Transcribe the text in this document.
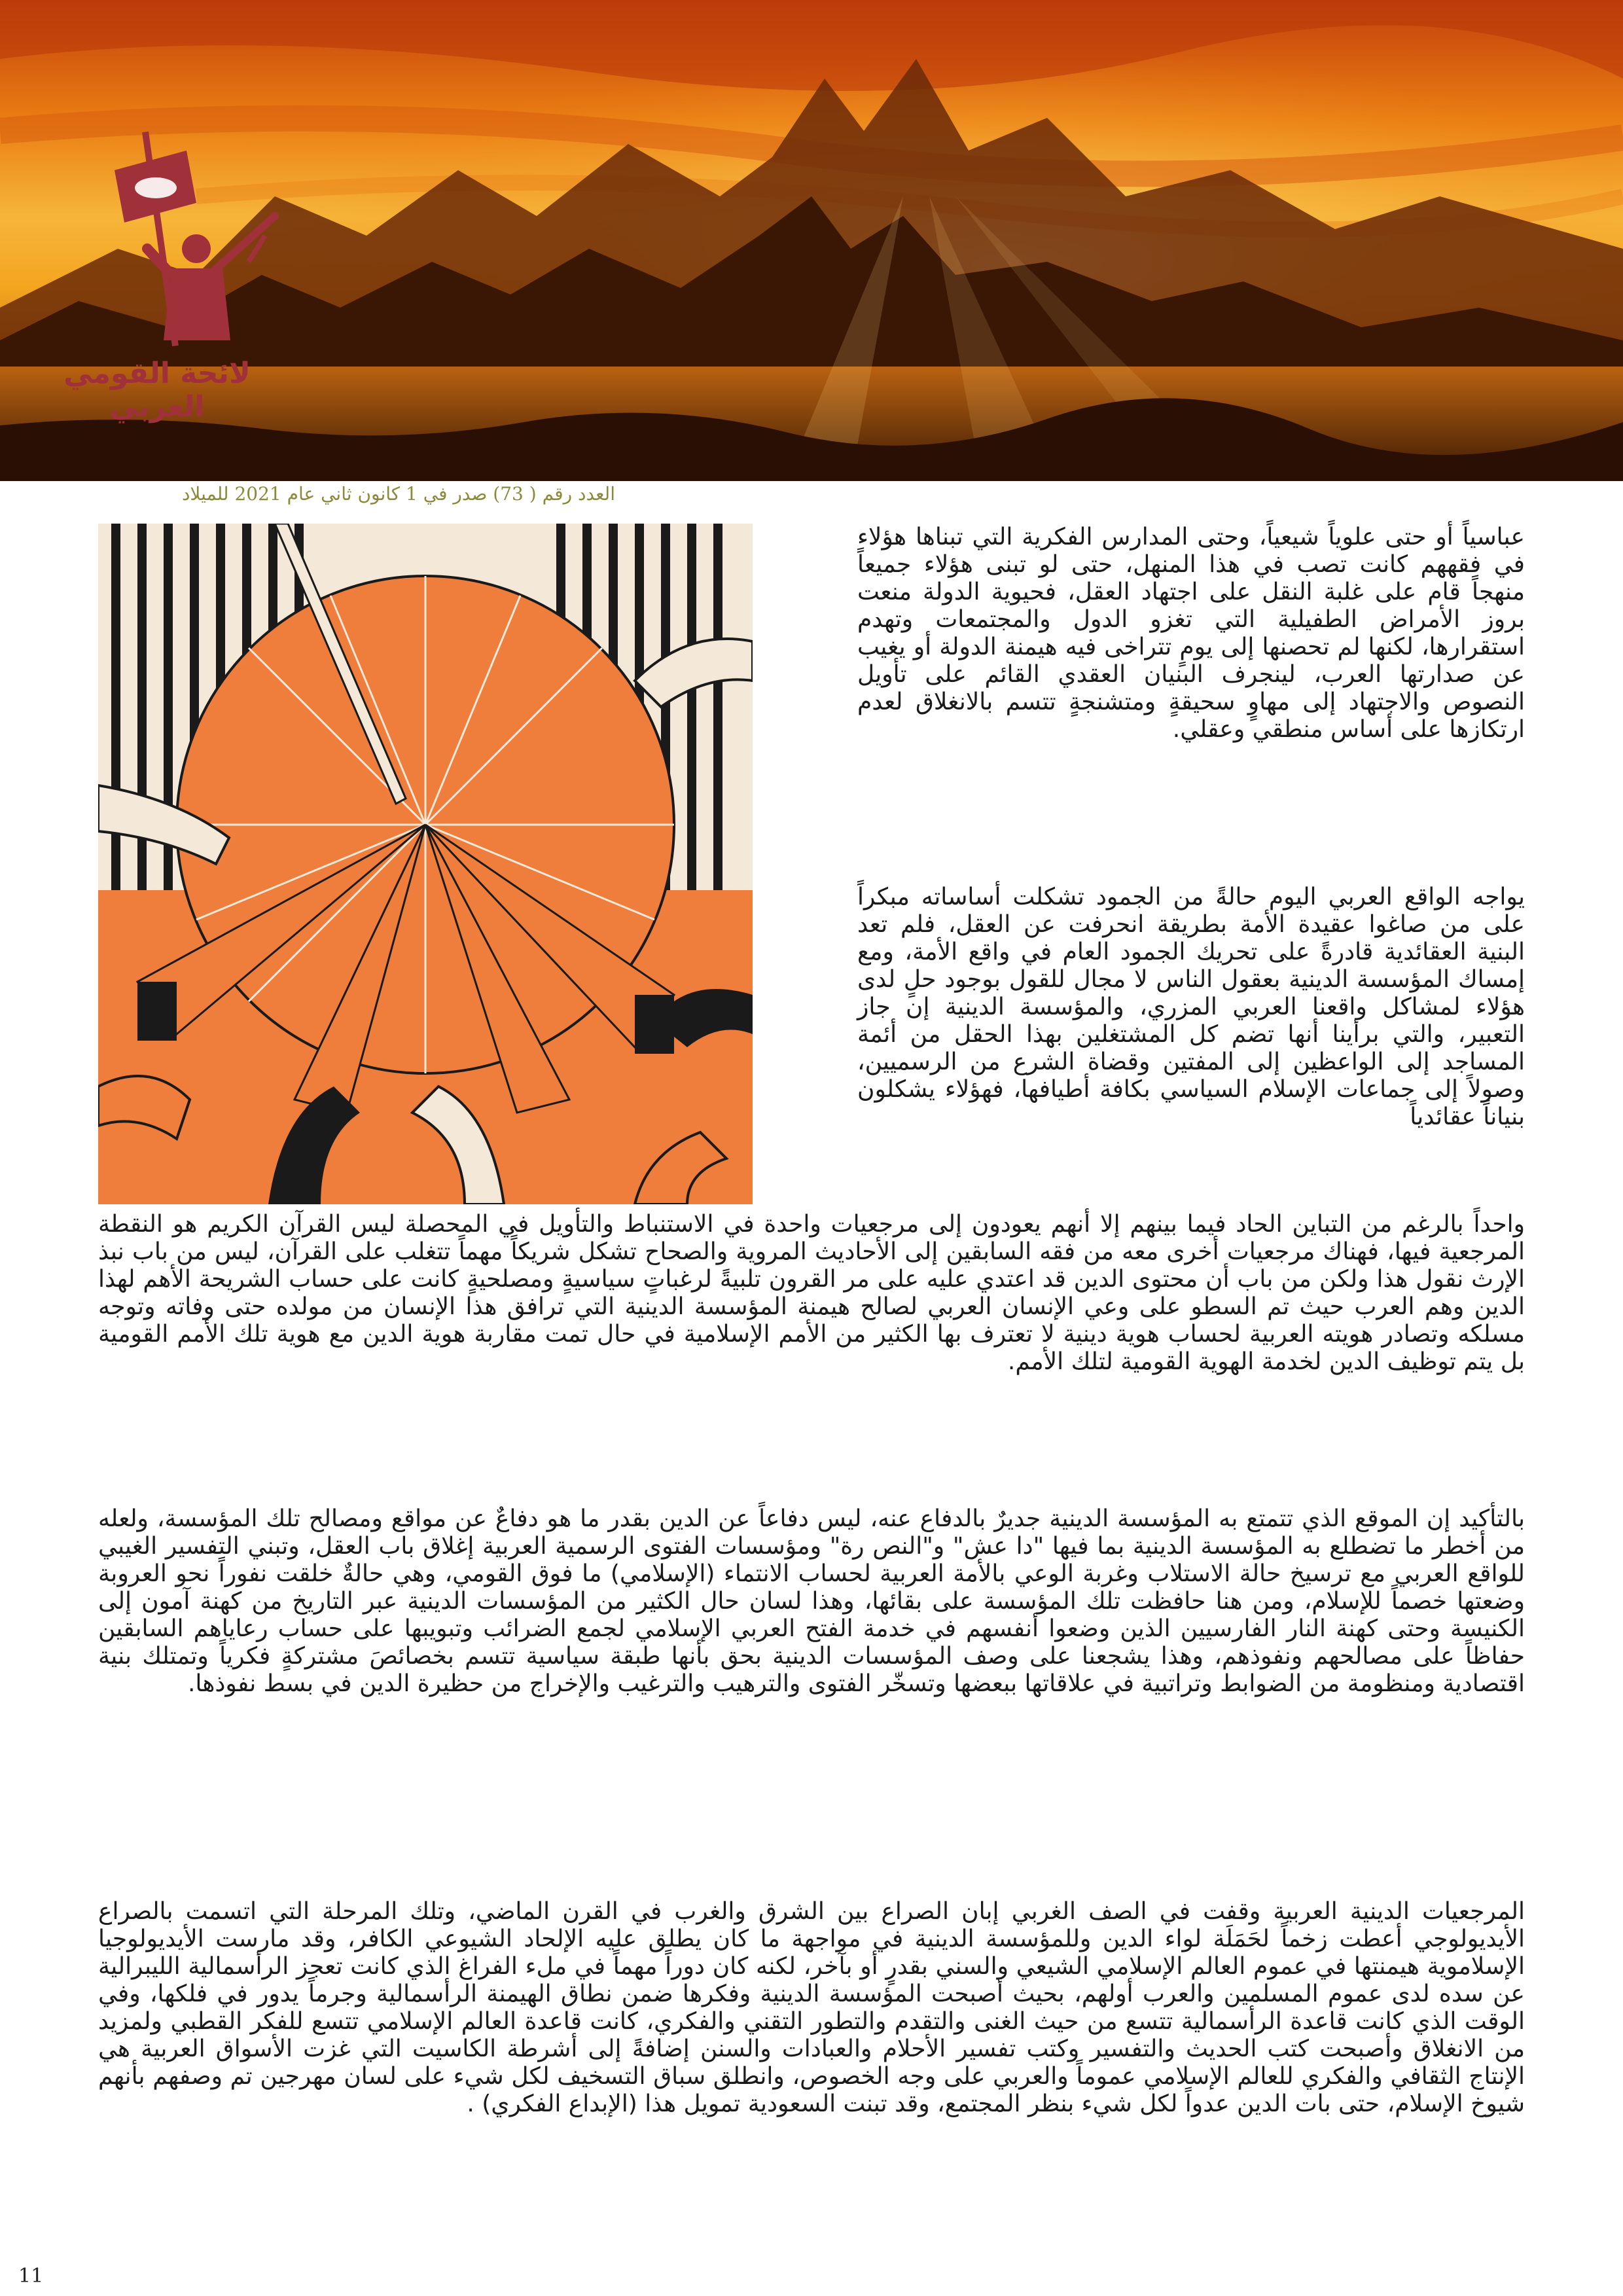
لائحة القومي العربي
العدد رقم ( 73) صدر في 1 كانون ثاني عام 2021 للميلاد

عباسياً أو حتى علوياً شيعياً، وحتى المدارس الفكرية التي تبناها هؤلاء في فقههم كانت تصب في هذا المنهل، حتى لو تبنى هؤلاء جميعاً منهجاً قام على غلبة النقل على اجتهاد العقل، فحيوية الدولة منعت بروز الأمراض الطفيلية التي تغزو الدول والمجتمعات وتهدم استقرارها، لكنها لم تحصنها إلى يومٍ تتراخى فيه هيمنة الدولة أو يغيب عن صدارتها العرب، لينجرف البنيان العقدي القائم على تأويل النصوص والاجتهاد إلى مهاوٍ سحيقةٍ ومتشنجةٍ تتسم بالانغلاق لعدم ارتكازها على أساس منطقي وعقلي.

يواجه الواقع العربي اليوم حالةً من الجمود تشكلت أساساته مبكراً على من صاغوا عقيدة الأمة بطريقة انحرفت عن العقل، فلم تعد البنية العقائدية قادرةً على تحريك الجمود العام في واقع الأمة، ومع إمساك المؤسسة الدينية بعقول الناس لا مجال للقول بوجود حلٍ لدى هؤلاء لمشاكل واقعنا العربي المزري، والمؤسسة الدينية إن جاز التعبير، والتي برأينا أنها تضم كل المشتغلين بهذا الحقل من أئمة المساجد إلى الواعظين إلى المفتين وقضاة الشرع من الرسميين، وصولاً إلى جماعات الإسلام السياسي بكافة أطيافها، فهؤلاء يشكلون بنياناً عقائدياً

واحداً بالرغم من التباين الحاد فيما بينهم إلا أنهم يعودون إلى مرجعيات واحدة في الاستنباط والتأويل في المحصلة ليس القرآن الكريم هو النقطة المرجعية فيها، فهناك مرجعيات أخرى معه من فقه السابقين إلى الأحاديث المروية والصحاح تشكل شريكاً مهماً تتغلب على القرآن، ليس من باب نبذ الإرث نقول هذا ولكن من باب أن محتوى الدين قد اعتدي عليه على مر القرون تلبيةً لرغباتٍ سياسيةٍ ومصلحيةٍ كانت على حساب الشريحة الأهم لهذا الدين وهم العرب حيث تم السطو على وعي الإنسان العربي لصالح هيمنة المؤسسة الدينية التي ترافق هذا الإنسان من مولده حتى وفاته وتوجه مسلكه وتصادر هويته العربية لحساب هوية دينية لا تعترف بها الكثير من الأمم الإسلامية في حال تمت مقاربة هوية الدين مع هوية تلك الأمم القومية بل يتم توظيف الدين لخدمة الهوية القومية لتلك الأمم.

بالتأكيد إن الموقع الذي تتمتع به المؤسسة الدينية جديرٌ بالدفاع عنه، ليس دفاعاً عن الدين بقدر ما هو دفاعٌ عن مواقع ومصالح تلك المؤسسة، ولعله من أخطر ما تضطلع به المؤسسة الدينية بما فيها "دا عش" و"النص رة" ومؤسسات الفتوى الرسمية العربية إغلاق باب العقل، وتبني التفسير الغيبي للواقع العربي مع ترسيخ حالة الاستلاب وغربة الوعي بالأمة العربية لحساب الانتماء (الإسلامي) ما فوق القومي، وهي حالةٌ خلقت نفوراً نحو العروبة وضعتها خصماً للإسلام، ومن هنا حافظت تلك المؤسسة على بقائها، وهذا لسان حال الكثير من المؤسسات الدينية عبر التاريخ من كهنة آمون إلى الكنيسة وحتى كهنة النار الفارسيين الذين وضعوا أنفسهم في خدمة الفتح العربي الإسلامي لجمع الضرائب وتبويبها على حساب رعاياهم السابقين حفاظاً على مصالحهم ونفوذهم، وهذا يشجعنا على وصف المؤسسات الدينية بحق بأنها طبقة سياسية تتسم بخصائصَ مشتركةٍ فكرياً وتمتلك بنية اقتصادية ومنظومة من الضوابط وتراتبية في علاقاتها ببعضها وتسخّر الفتوى والترهيب والترغيب والإخراج من حظيرة الدين في بسط نفوذها.

المرجعيات الدينية العربية وقفت في الصف الغربي إبان الصراع بين الشرق والغرب في القرن الماضي، وتلك المرحلة التي اتسمت بالصراع الأيديولوجي أعطت زخماً لحَمَلَة لواء الدين وللمؤسسة الدينية في مواجهة ما كان يطلق عليه الإلحاد الشيوعي الكافر، وقد مارست الأيديولوجيا الإسلاموية هيمنتها في عموم العالم الإسلامي الشيعي والسني بقدرٍ أو بآخر، لكنه كان دوراً مهماً في ملء الفراغ الذي كانت تعجز الرأسمالية الليبرالية عن سده لدى عموم المسلمين والعرب أولهم، بحيث أصبحت المؤسسة الدينية وفكرها ضمن نطاق الهيمنة الرأسمالية وجرماً يدور في فلكها، وفي الوقت الذي كانت قاعدة الرأسمالية تتسع من حيث الغنى والتقدم والتطور التقني والفكري، كانت قاعدة العالم الإسلامي تتسع للفكر القطبي ولمزيد من الانغلاق وأصبحت كتب الحديث والتفسير وكتب تفسير الأحلام والعبادات والسنن إضافةً إلى أشرطة الكاسيت التي غزت الأسواق العربية هي الإنتاج الثقافي والفكري للعالم الإسلامي عموماً والعربي على وجه الخصوص، وانطلق سباق التسخيف لكل شيء على لسان مهرجين تم وصفهم بأنهم شيوخ الإسلام، حتى بات الدين عدواً لكل شيء بنظر المجتمع، وقد تبنت السعودية تمويل هذا (الإبداع الفكري) .

11
